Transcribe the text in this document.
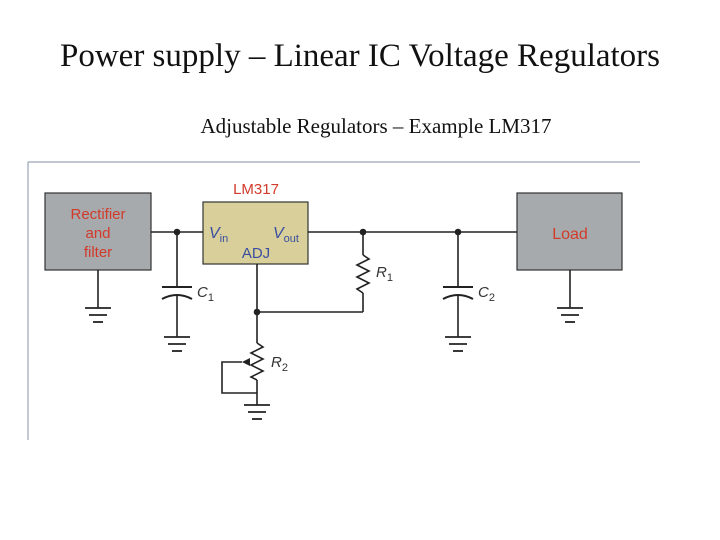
Power supply – Linear IC Voltage Regulators
Adjustable Regulators – Example LM317
Rectifier
and
filter
LM317
$V_{in}$	$V_{out}$
ADJ
Load
$C_1$	$C_2$
$R_1$
$R_2$
